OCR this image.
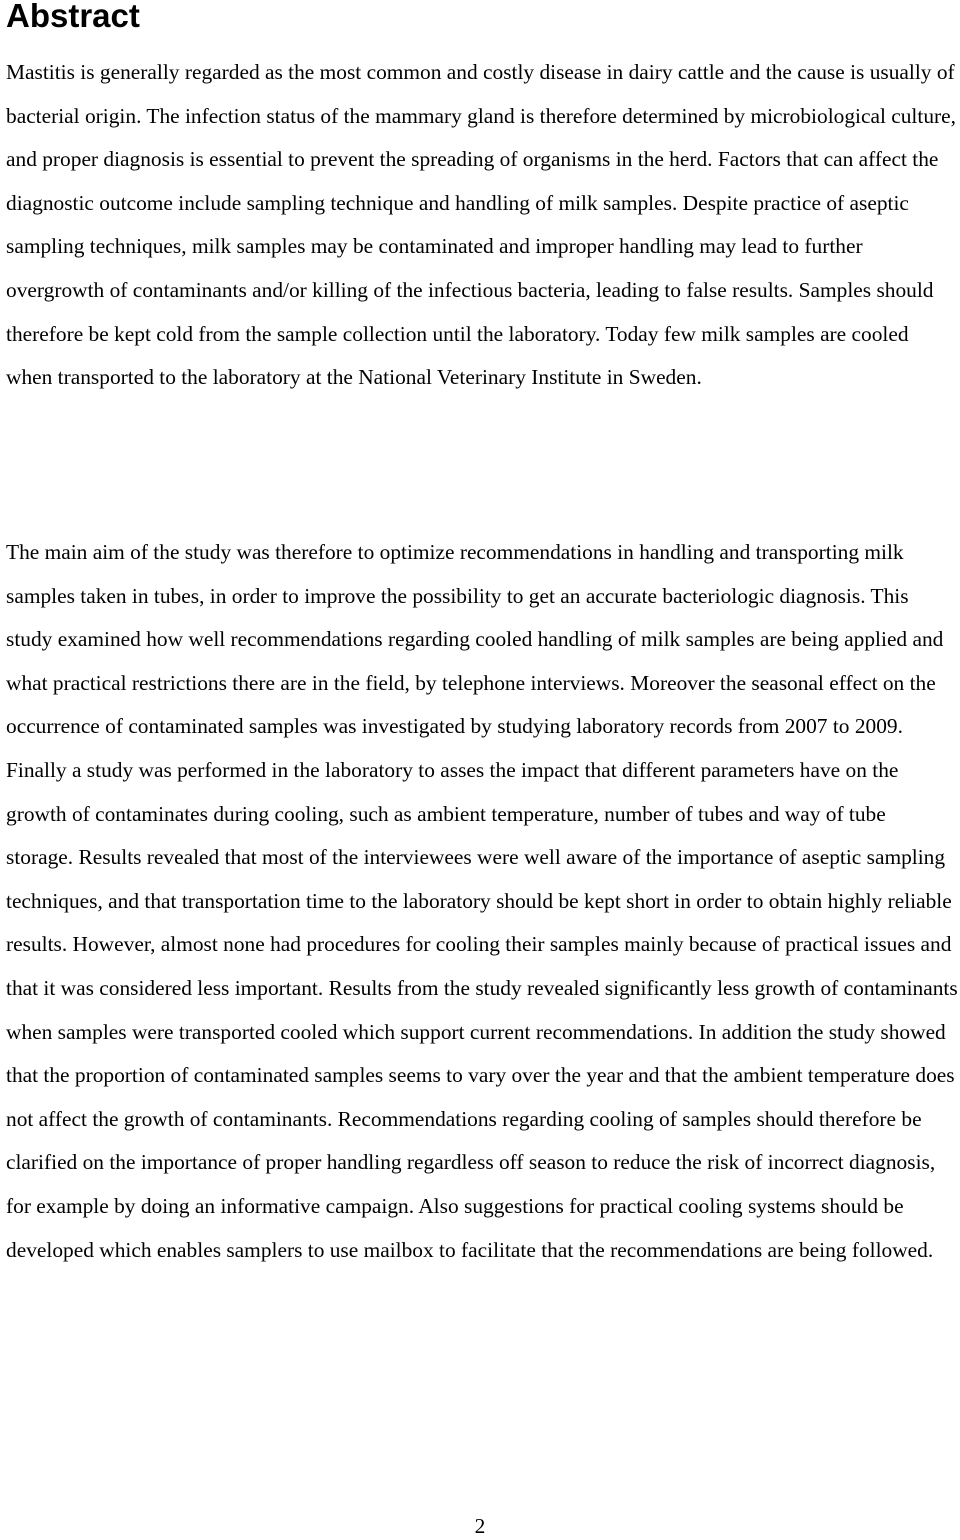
Abstract

Mastitis is generally regarded as the most common and costly disease in dairy cattle and the cause is usually of bacterial origin. The infection status of the mammary gland is therefore determined by microbiological culture, and proper diagnosis is essential to prevent the spreading of organisms in the herd. Factors that can affect the diagnostic outcome include sampling technique and handling of milk samples. Despite practice of aseptic sampling techniques, milk samples may be contaminated and improper handling may lead to further overgrowth of contaminants and/or killing of the infectious bacteria, leading to false results. Samples should therefore be kept cold from the sample collection until the laboratory. Today few milk samples are cooled when transported to the laboratory at the National Veterinary Institute in Sweden.

The main aim of the study was therefore to optimize recommendations in handling and transporting milk samples taken in tubes, in order to improve the possibility to get an accurate bacteriologic diagnosis. This study examined how well recommendations regarding cooled handling of milk samples are being applied and what practical restrictions there are in the field, by telephone interviews. Moreover the seasonal effect on the occurrence of contaminated samples was investigated by studying laboratory records from 2007 to 2009. Finally a study was performed in the laboratory to asses the impact that different parameters have on the growth of contaminates during cooling, such as ambient temperature, number of tubes and way of tube storage. Results revealed that most of the interviewees were well aware of the importance of aseptic sampling techniques, and that transportation time to the laboratory should be kept short in order to obtain highly reliable results. However, almost none had procedures for cooling their samples mainly because of practical issues and that it was considered less important. Results from the study revealed significantly less growth of contaminants when samples were transported cooled which support current recommendations. In addition the study showed that the proportion of contaminated samples seems to vary over the year and that the ambient temperature does not affect the growth of contaminants. Recommendations regarding cooling of samples should therefore be clarified on the importance of proper handling regardless off season to reduce the risk of incorrect diagnosis, for example by doing an informative campaign. Also suggestions for practical cooling systems should be developed which enables samplers to use mailbox to facilitate that the recommendations are being followed.

2
